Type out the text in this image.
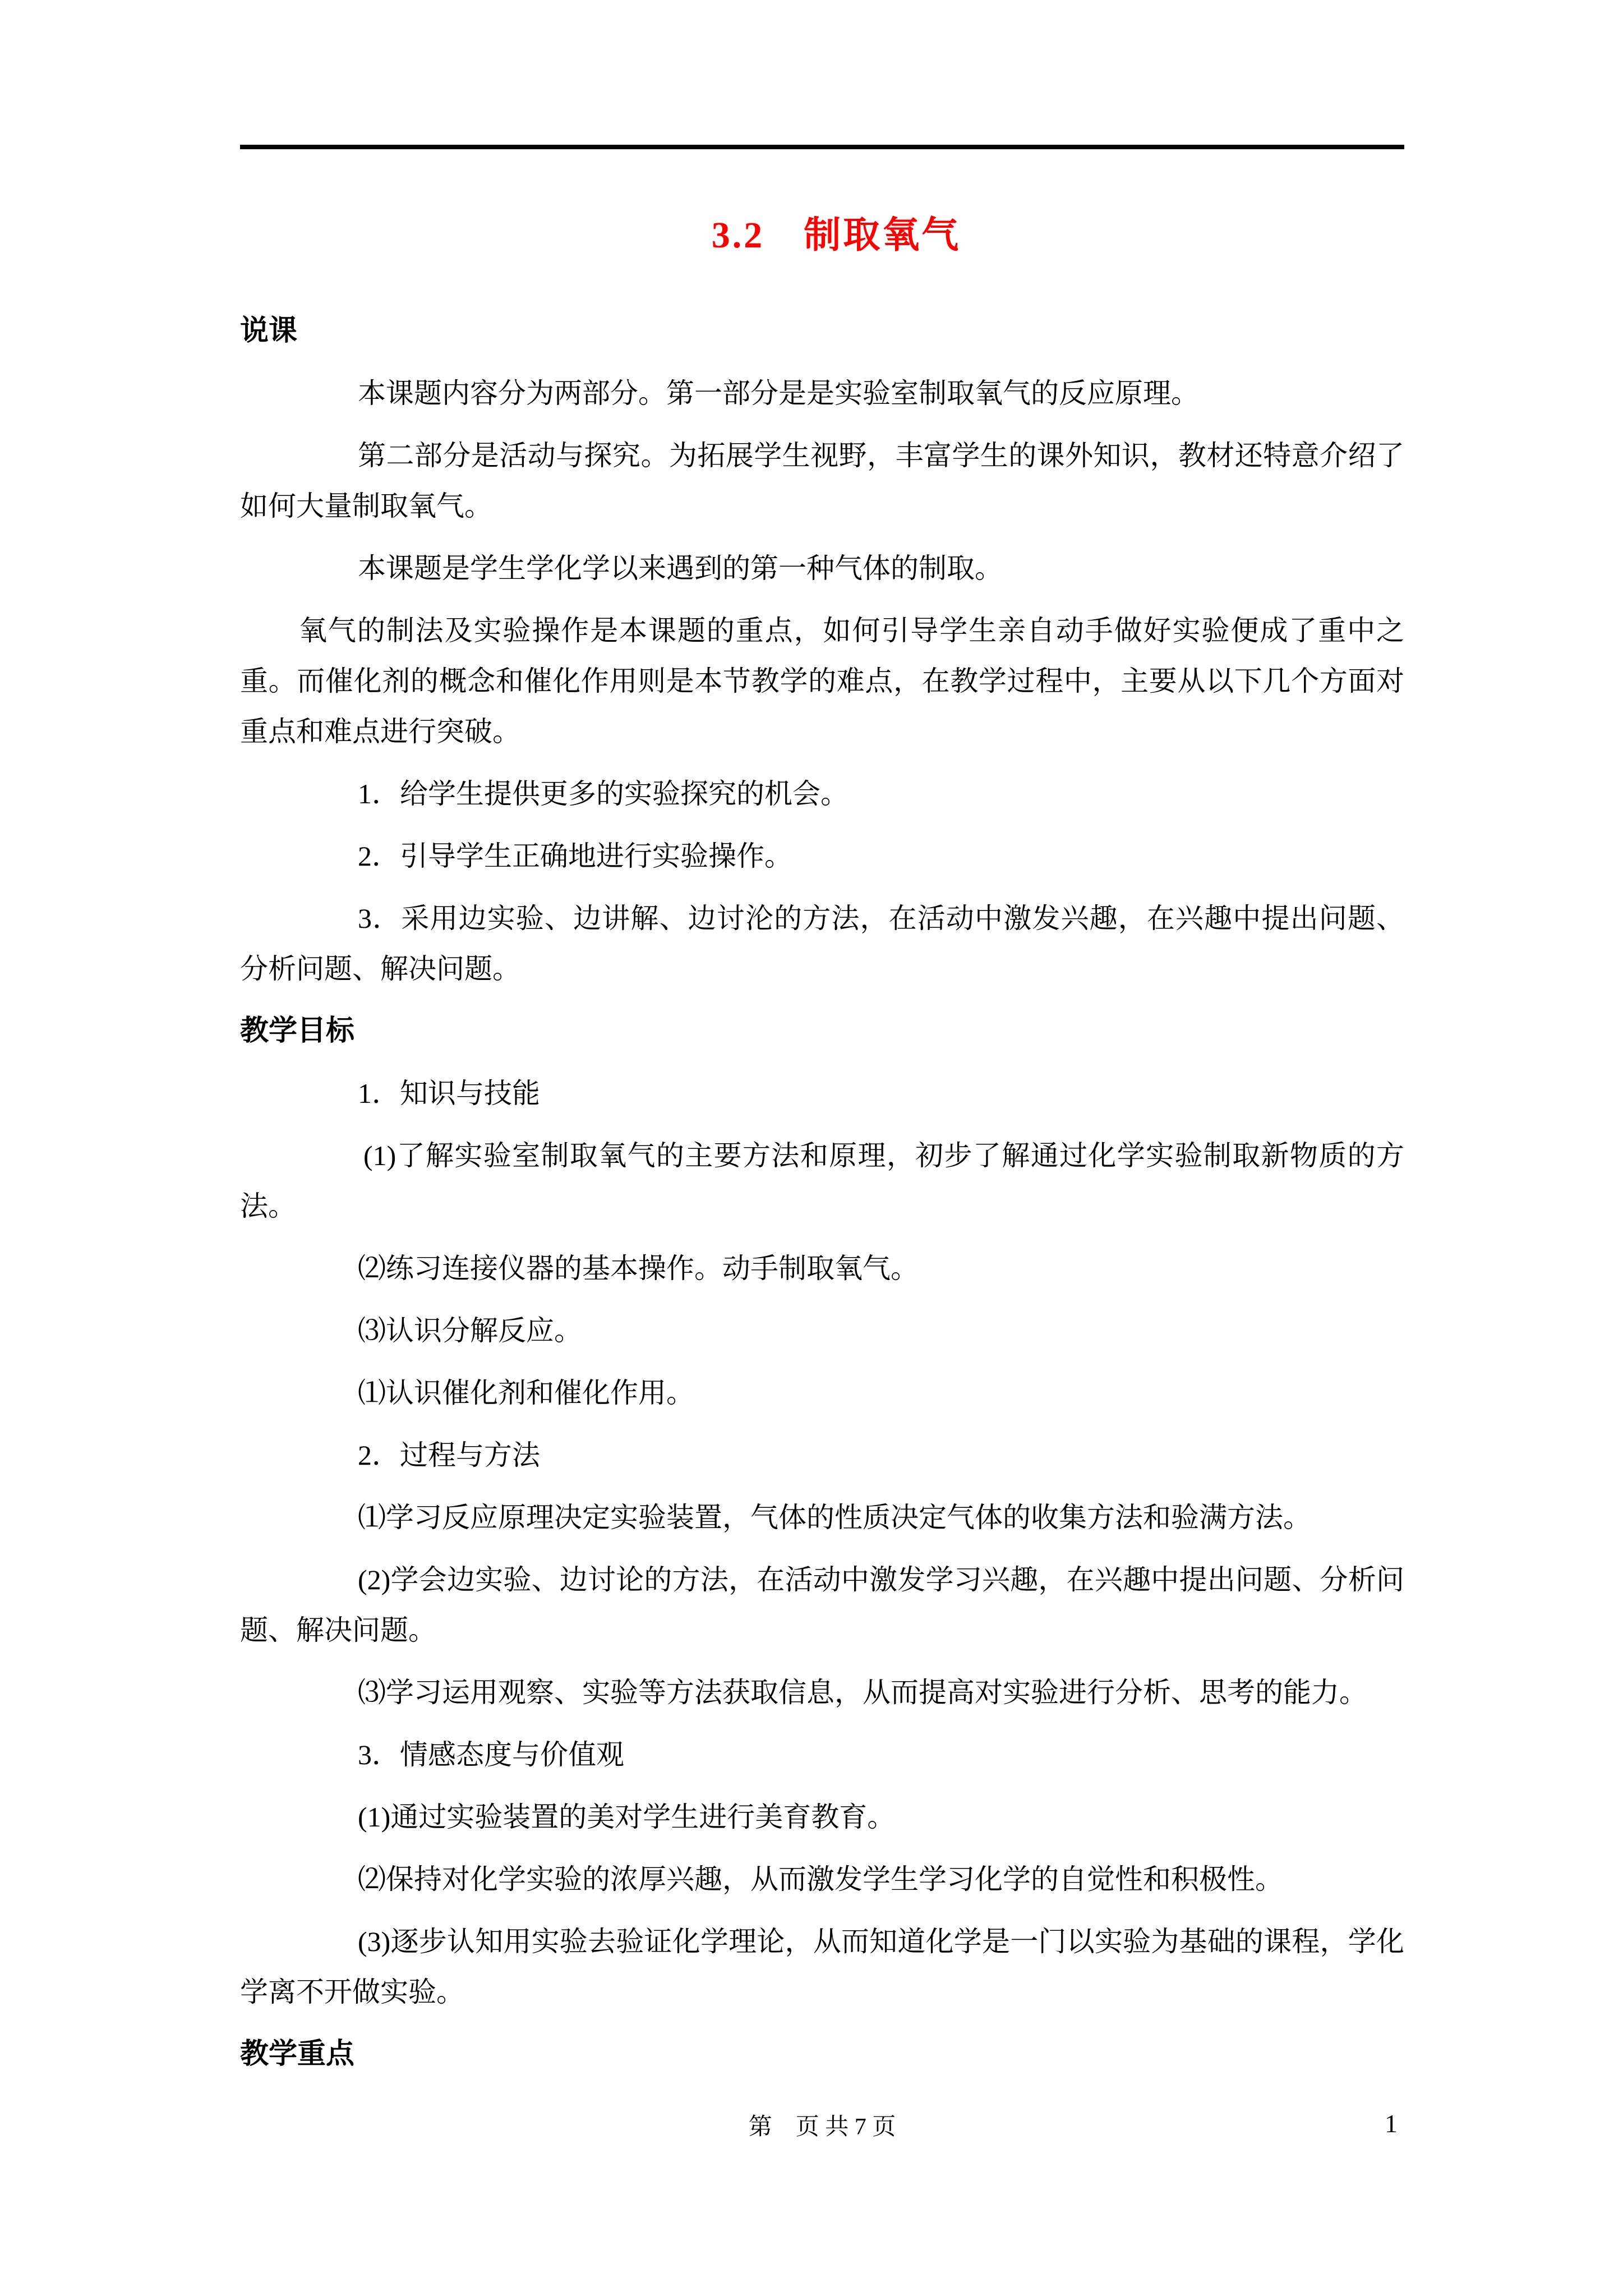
3.2　制取氧气

说课

本课题内容分为两部分。第一部分是是实验室制取氧气的反应原理。

第二部分是活动与探究。为拓展学生视野，丰富学生的课外知识，教材还特意介绍了如何大量制取氧气。

本课题是学生学化学以来遇到的第一种气体的制取。

氧气的制法及实验操作是本课题的重点，如何引导学生亲自动手做好实验便成了重中之重。而催化剂的概念和催化作用则是本节教学的难点，在教学过程中，主要从以下几个方面对重点和难点进行突破。

1．给学生提供更多的实验探究的机会。

2．引导学生正确地进行实验操作。

3．采用边实验、边讲解、边讨沦的方法，在活动中激发兴趣，在兴趣中提出问题、分析问题、解决问题。

教学目标

1．知识与技能

(1)了解实验室制取氧气的主要方法和原理，初步了解通过化学实验制取新物质的方法。

⑵练习连接仪器的基本操作。动手制取氧气。

⑶认识分解反应。

⑴认识催化剂和催化作用。

2．过程与方法

⑴学习反应原理决定实验装置，气体的性质决定气体的收集方法和验满方法。

(2)学会边实验、边讨论的方法，在活动中激发学习兴趣，在兴趣中提出问题、分析问题、解决问题。

⑶学习运用观察、实验等方法获取信息，从而提高对实验进行分析、思考的能力。

3．情感态度与价值观

(1)通过实验装置的美对学生进行美育教育。

⑵保持对化学实验的浓厚兴趣，从而激发学生学习化学的自觉性和积极性。

(3)逐步认知用实验去验证化学理论，从而知道化学是一门以实验为基础的课程，学化学离不开做实验。

教学重点

第　页 共 7 页	1
